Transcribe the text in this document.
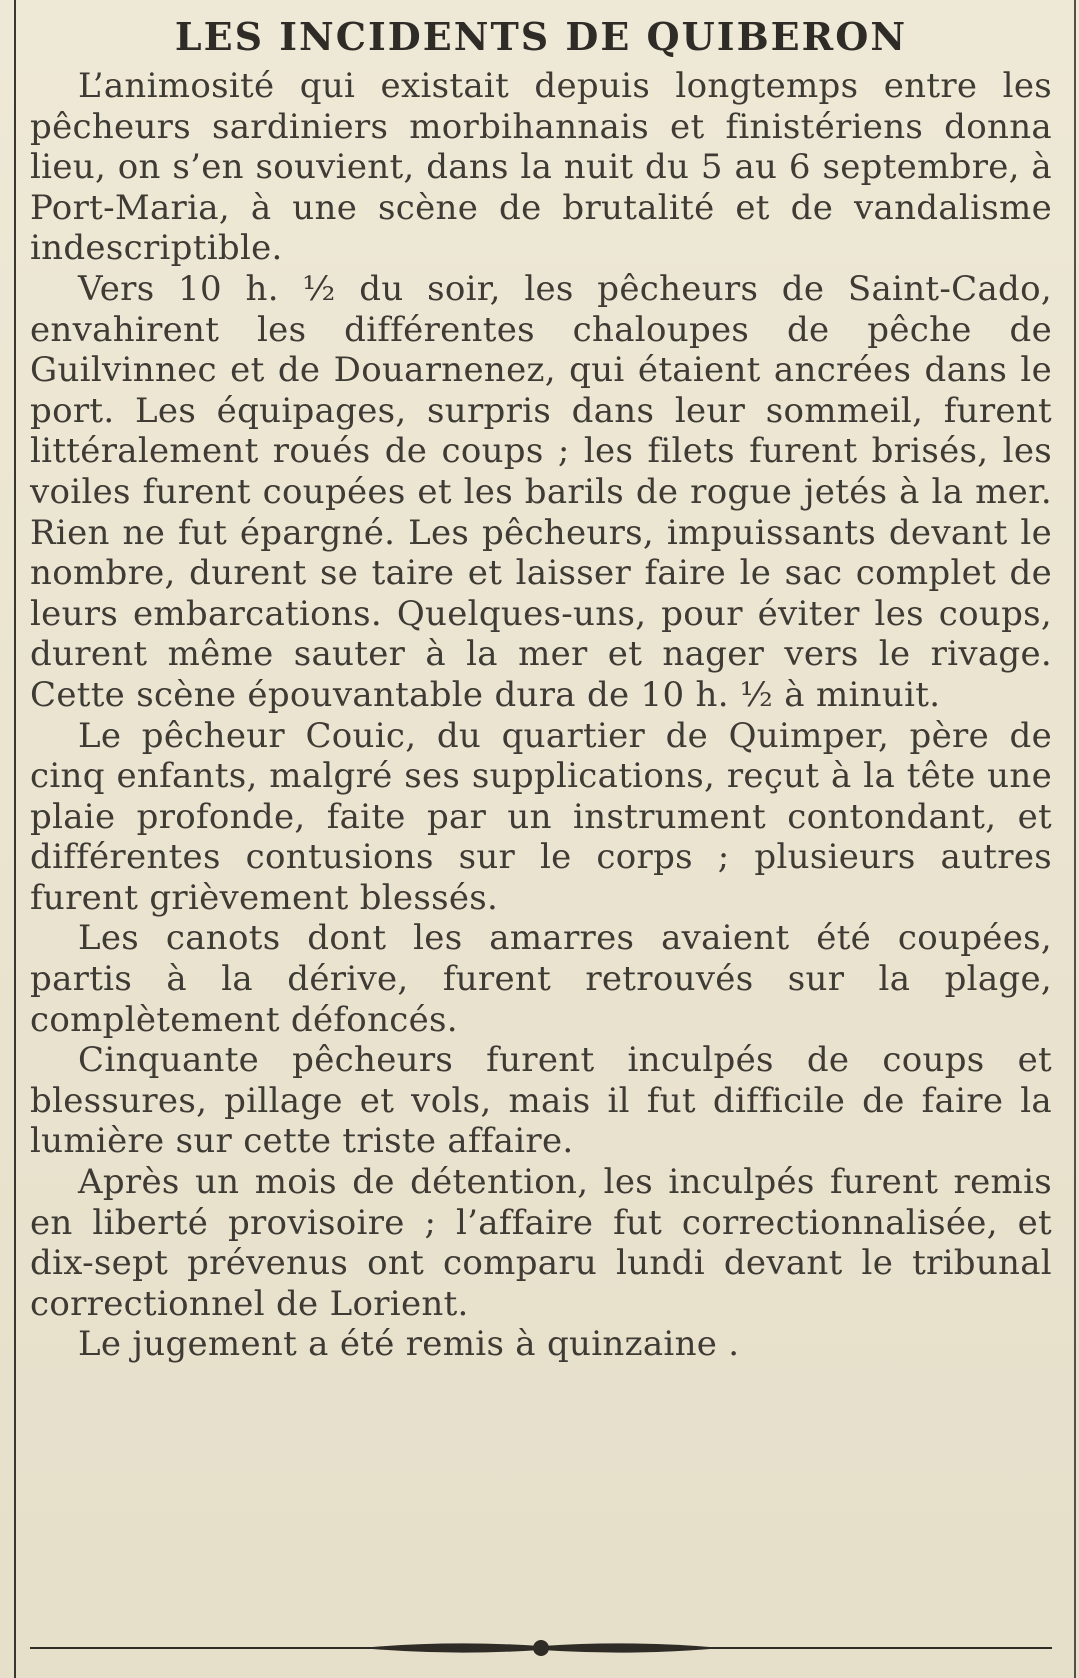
LES INCIDENTS DE QUIBERON

L’animosité qui existait depuis longtemps entre les pêcheurs sardiniers morbihannais et finistériens donna lieu, on s’en souvient, dans la nuit du 5 au 6 septembre, à Port-Maria, à une scène de brutalité et de vandalisme indescriptible.

Vers 10 h. ½ du soir, les pêcheurs de Saint-Cado, envahirent les différentes chaloupes de pêche de Guilvinnec et de Douarnenez, qui étaient ancrées dans le port. Les équipages, surpris dans leur sommeil, furent littéralement roués de coups ; les filets furent brisés, les voiles furent coupées et les barils de rogue jetés à la mer. Rien ne fut épargné. Les pêcheurs, impuissants devant le nombre, durent se taire et laisser faire le sac complet de leurs embarcations. Quelques-uns, pour éviter les coups, durent même sauter à la mer et nager vers le rivage. Cette scène épouvantable dura de 10 h. ½ à minuit.

Le pêcheur Couic, du quartier de Quimper, père de cinq enfants, malgré ses supplications, reçut à la tête une plaie profonde, faite par un instrument contondant, et différentes contusions sur le corps ; plusieurs autres furent grièvement blessés.

Les canots dont les amarres avaient été coupées, partis à la dérive, furent retrouvés sur la plage, complètement défoncés.

Cinquante pêcheurs furent inculpés de coups et blessures, pillage et vols, mais il fut difficile de faire la lumière sur cette triste affaire.

Après un mois de détention, les inculpés furent remis en liberté provisoire ; l’affaire fut correctionnalisée, et dix-sept prévenus ont comparu lundi devant le tribunal correctionnel de Lorient.

Le jugement a été remis à quinzaine .
